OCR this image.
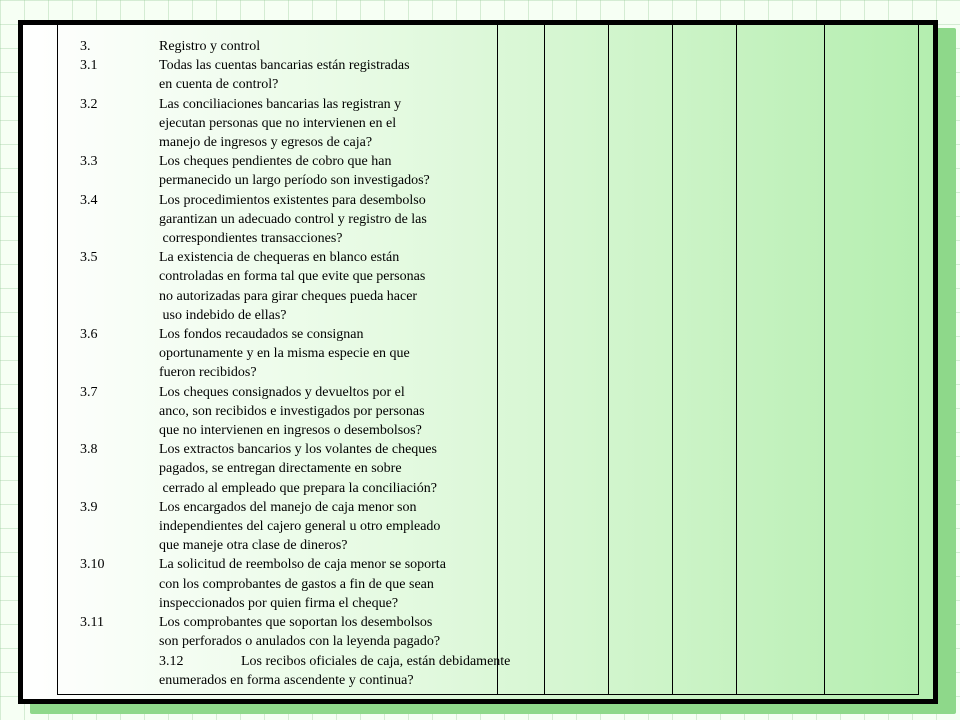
3.	Registro y control
3.1	Todas las cuentas bancarias están registradas
en cuenta de control?
3.2	Las conciliaciones bancarias las registran y
ejecutan personas que no intervienen en el
manejo de ingresos y egresos de caja?
3.3	Los cheques pendientes de cobro que han
permanecido un largo período son investigados?
3.4	Los procedimientos existentes para desembolso
garantizan un adecuado control y registro de las
correspondientes transacciones?
3.5	La existencia de chequeras en blanco están
controladas en forma tal que evite que personas
no autorizadas para girar cheques pueda hacer
uso indebido de ellas?
3.6	Los fondos recaudados se consignan
oportunamente y en la misma especie en que
fueron recibidos?
3.7	Los cheques consignados y devueltos por el
anco, son recibidos e investigados por personas
que no intervienen en ingresos o desembolsos?
3.8	Los extractos bancarios y los volantes de cheques
pagados, se entregan directamente en sobre
cerrado al empleado que prepara la conciliación?
3.9	Los encargados del manejo de caja menor son
independientes del cajero general u otro empleado
que maneje otra clase de dineros?
3.10	La solicitud de reembolso de caja menor se soporta
con los comprobantes de gastos a fin de que sean
inspeccionados por quien firma el cheque?
3.11	Los comprobantes que soportan los desembolsos
son perforados o anulados con la leyenda pagado?
3.12	Los recibos oficiales de caja, están debidamente
enumerados en forma ascendente y continua?
